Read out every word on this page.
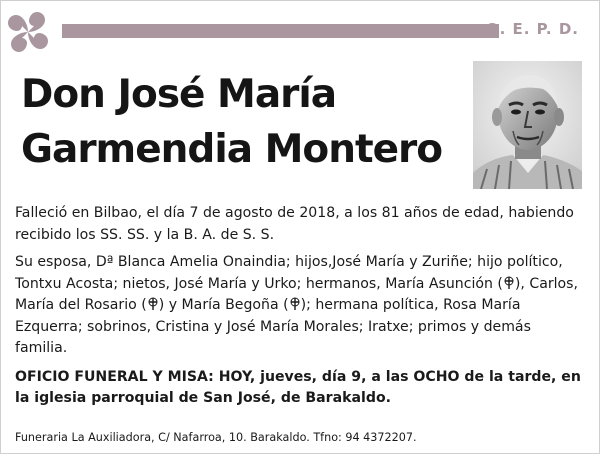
Q. E. P. D.
Don José María
Garmendia Montero

Falleció en Bilbao, el día 7 de agosto de 2018, a los 81 años de edad, habiendo recibido los SS. SS. y la B. A. de S. S.

Su esposa, Dª Blanca Amelia Onaindia; hijos,José María y Zuriñe; hijo político, Tontxu Acosta; nietos, José María y Urko; hermanos, María Asunción ( ), Carlos, María del Rosario ( ) y María Begoña ( ); hermana política, Rosa María Ezquerra; sobrinos, Cristina y José María Morales; Iratxe; primos y demás familia.

OFICIO FUNERAL Y MISA: HOY, jueves, día 9, a las OCHO de la tarde, en la iglesia parroquial de San José, de Barakaldo.

Funeraria La Auxiliadora, C/ Nafarroa, 10. Barakaldo. Tfno: 94 4372207.
